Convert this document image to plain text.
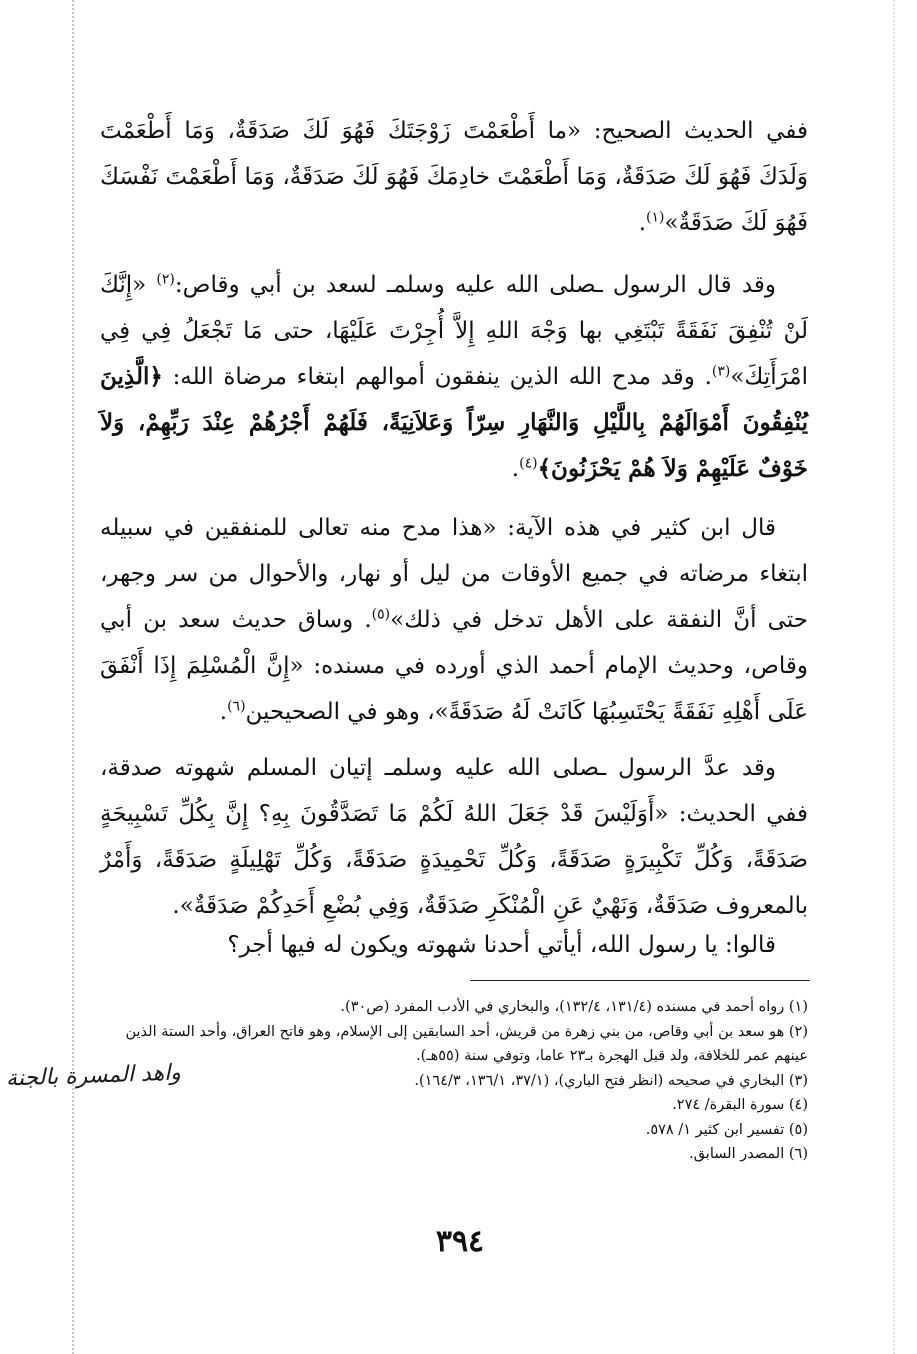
ففي الحديث الصحيح: «ما أَطْعَمْتَ زَوْجَتَكَ فَهُوَ لَكَ صَدَقَةٌ، وَمَا أَطْعَمْتَ وَلَدَكَ فَهُوَ لَكَ صَدَقَةٌ، وَمَا أَطْعَمْتَ خادِمَكَ فَهُوَ لَكَ صَدَقَةٌ، وَمَا أَطْعَمْتَ نَفْسَكَ فَهُوَ لَكَ صَدَقَةٌ»$^{(١)}$.

وقد قال الرسول ـصلى الله عليه وسلمـ لسعد بن أبي وقاص:$^{(٢)}$ «إِنَّكَ لَنْ تُنْفِقَ نَفَقَةً تَبْتَغِي بها وَجْهَ اللهِ إِلاَّ أُجِرْتَ عَلَيْهَا، حتى مَا تَجْعَلُ فِي فِي امْرَأَتِكَ»$^{(٣)}$. وقد مدح الله الذين ينفقون أموالهم ابتغاء مرضاة الله: ﴿الَّذِينَ يُنْفِقُونَ أَمْوَالَهُمْ بِاللَّيْلِ وَالنَّهَارِ سِرّاً وَعَلاَنِيَةً، فَلَهُمْ أَجْرُهُمْ عِنْدَ رَبِّهِمْ، وَلاَ خَوْفٌ عَلَيْهِمْ وَلاَ هُمْ يَحْزَنُونَ﴾$^{(٤)}$.

قال ابن كثير في هذه الآية: «هذا مدح منه تعالى للمنفقين في سبيله ابتغاء مرضاته في جميع الأوقات من ليل أو نهار، والأحوال من سر وجهر، حتى أنَّ النفقة على الأهل تدخل في ذلك»$^{(٥)}$. وساق حديث سعد بن أبي وقاص، وحديث الإمام أحمد الذي أورده في مسنده: «إِنَّ الْمُسْلِمَ إِذَا أَنْفَقَ عَلَى أَهْلِهِ نَفَقَةً يَحْتَسِبُهَا كَانَتْ لَهُ صَدَقَةً»، وهو في الصحيحين$^{(٦)}$.

وقد عدَّ الرسول ـصلى الله عليه وسلمـ إتيان المسلم شهوته صدقة، ففي الحديث: «أَوَلَيْسَ قَدْ جَعَلَ اللهُ لَكُمْ مَا تَصَدَّقُونَ بِهِ؟ إِنَّ بِكُلِّ تَسْبِيحَةٍ صَدَقَةً، وَكُلِّ تَكْبِيرَةٍ صَدَقَةً، وَكُلِّ تَحْمِيدَةٍ صَدَقَةً، وَكُلِّ تَهْلِيلَةٍ صَدَقَةً، وَأَمْرٌ بالمعروف صَدَقَةٌ، وَنَهْيٌ عَنِ الْمُنْكَرِ صَدَقَةٌ، وَفِي بُضْعِ أَحَدِكُمْ صَدَقَةٌ».

قالوا: يا رسول الله، أيأتي أحدنا شهوته ويكون له فيها أجر؟

(١) رواه أحمد في مسنده (١٣١/٤، ١٣٢/٤)، والبخاري في الأدب المفرد (ص٣٠).

(٢) هو سعد بن أبي وقاص، من بني زهرة من قريش، أحد السابقين إلى الإسلام، وهو فاتح العراق، وأحد الستة الذين عينهم عمر للخلافة، ولد قبل الهجرة بـ٢٣ عاما، وتوفي سنة (٥٥هـ).

(٣) البخاري في صحيحه (انظر فتح الباري)، (٣٧/١، ١٣٦/١، ١٦٤/٣).

(٤) سورة البقرة/ ٢٧٤.

(٥) تفسير ابن كثير ١/ ٥٧٨.

(٦) المصدر السابق.

واهد المسرة بالجنة
٣٩٤
